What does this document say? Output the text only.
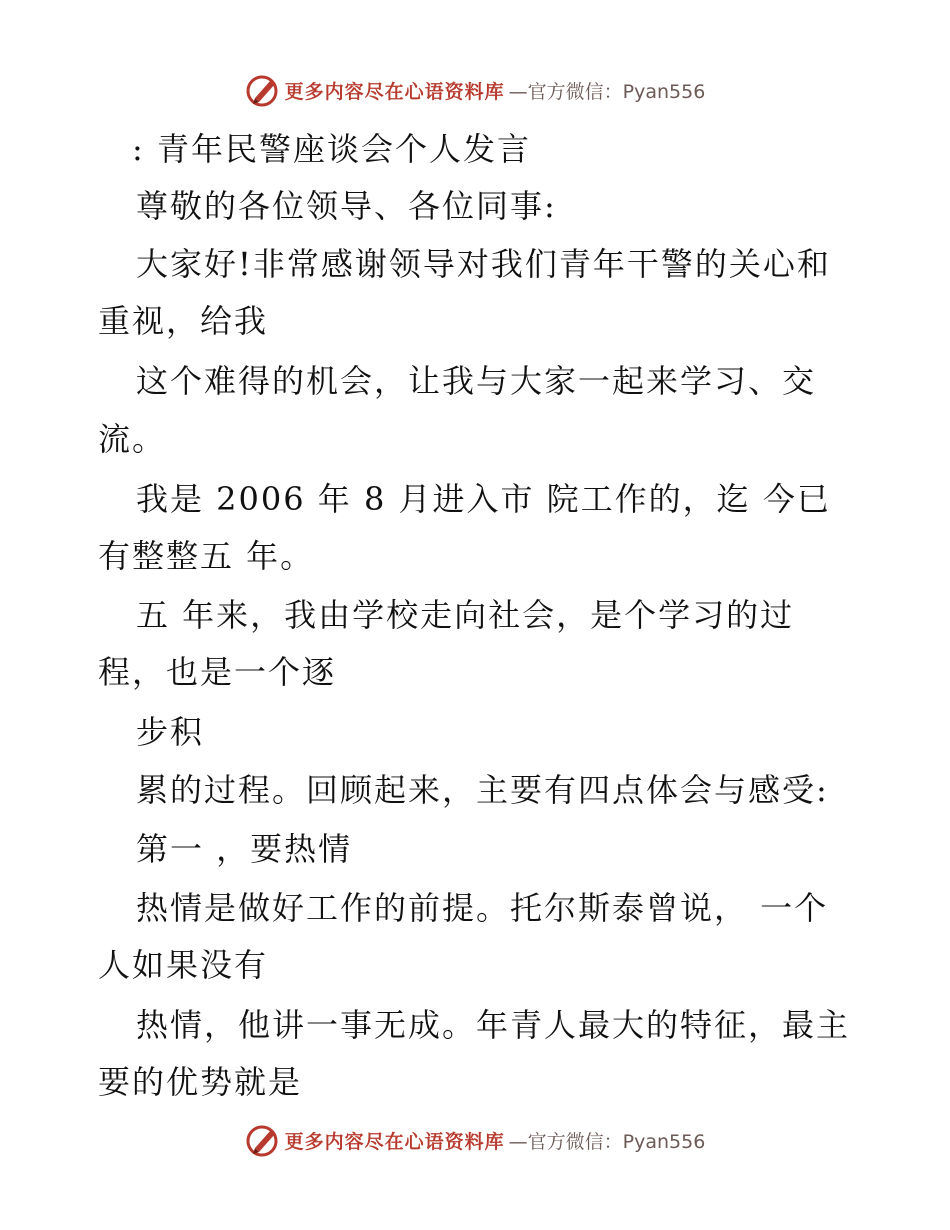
更多内容尽在心语资料库 —官方微信：Pyan556
: 青年民警座谈会个人发言
尊敬的各位领导、各位同事:
大家好!非常感谢领导对我们青年干警的关心和
重视，给我
这个难得的机会，让我与大家一起来学习、交
流。
我是 2006 年 8 月进入市 院工作的，迄 今已
有整整五 年。
五 年来，我由学校走向社会，是个学习的过
程，也是一个逐
步积
累的过程。回顾起来，主要有四点体会与感受:
第一 ，要热情
热情是做好工作的前提。托尔斯泰曾说， 一个
人如果没有
热情，他讲一事无成。年青人最大的特征，最主
要的优势就是
更多内容尽在心语资料库 —官方微信：Pyan556
